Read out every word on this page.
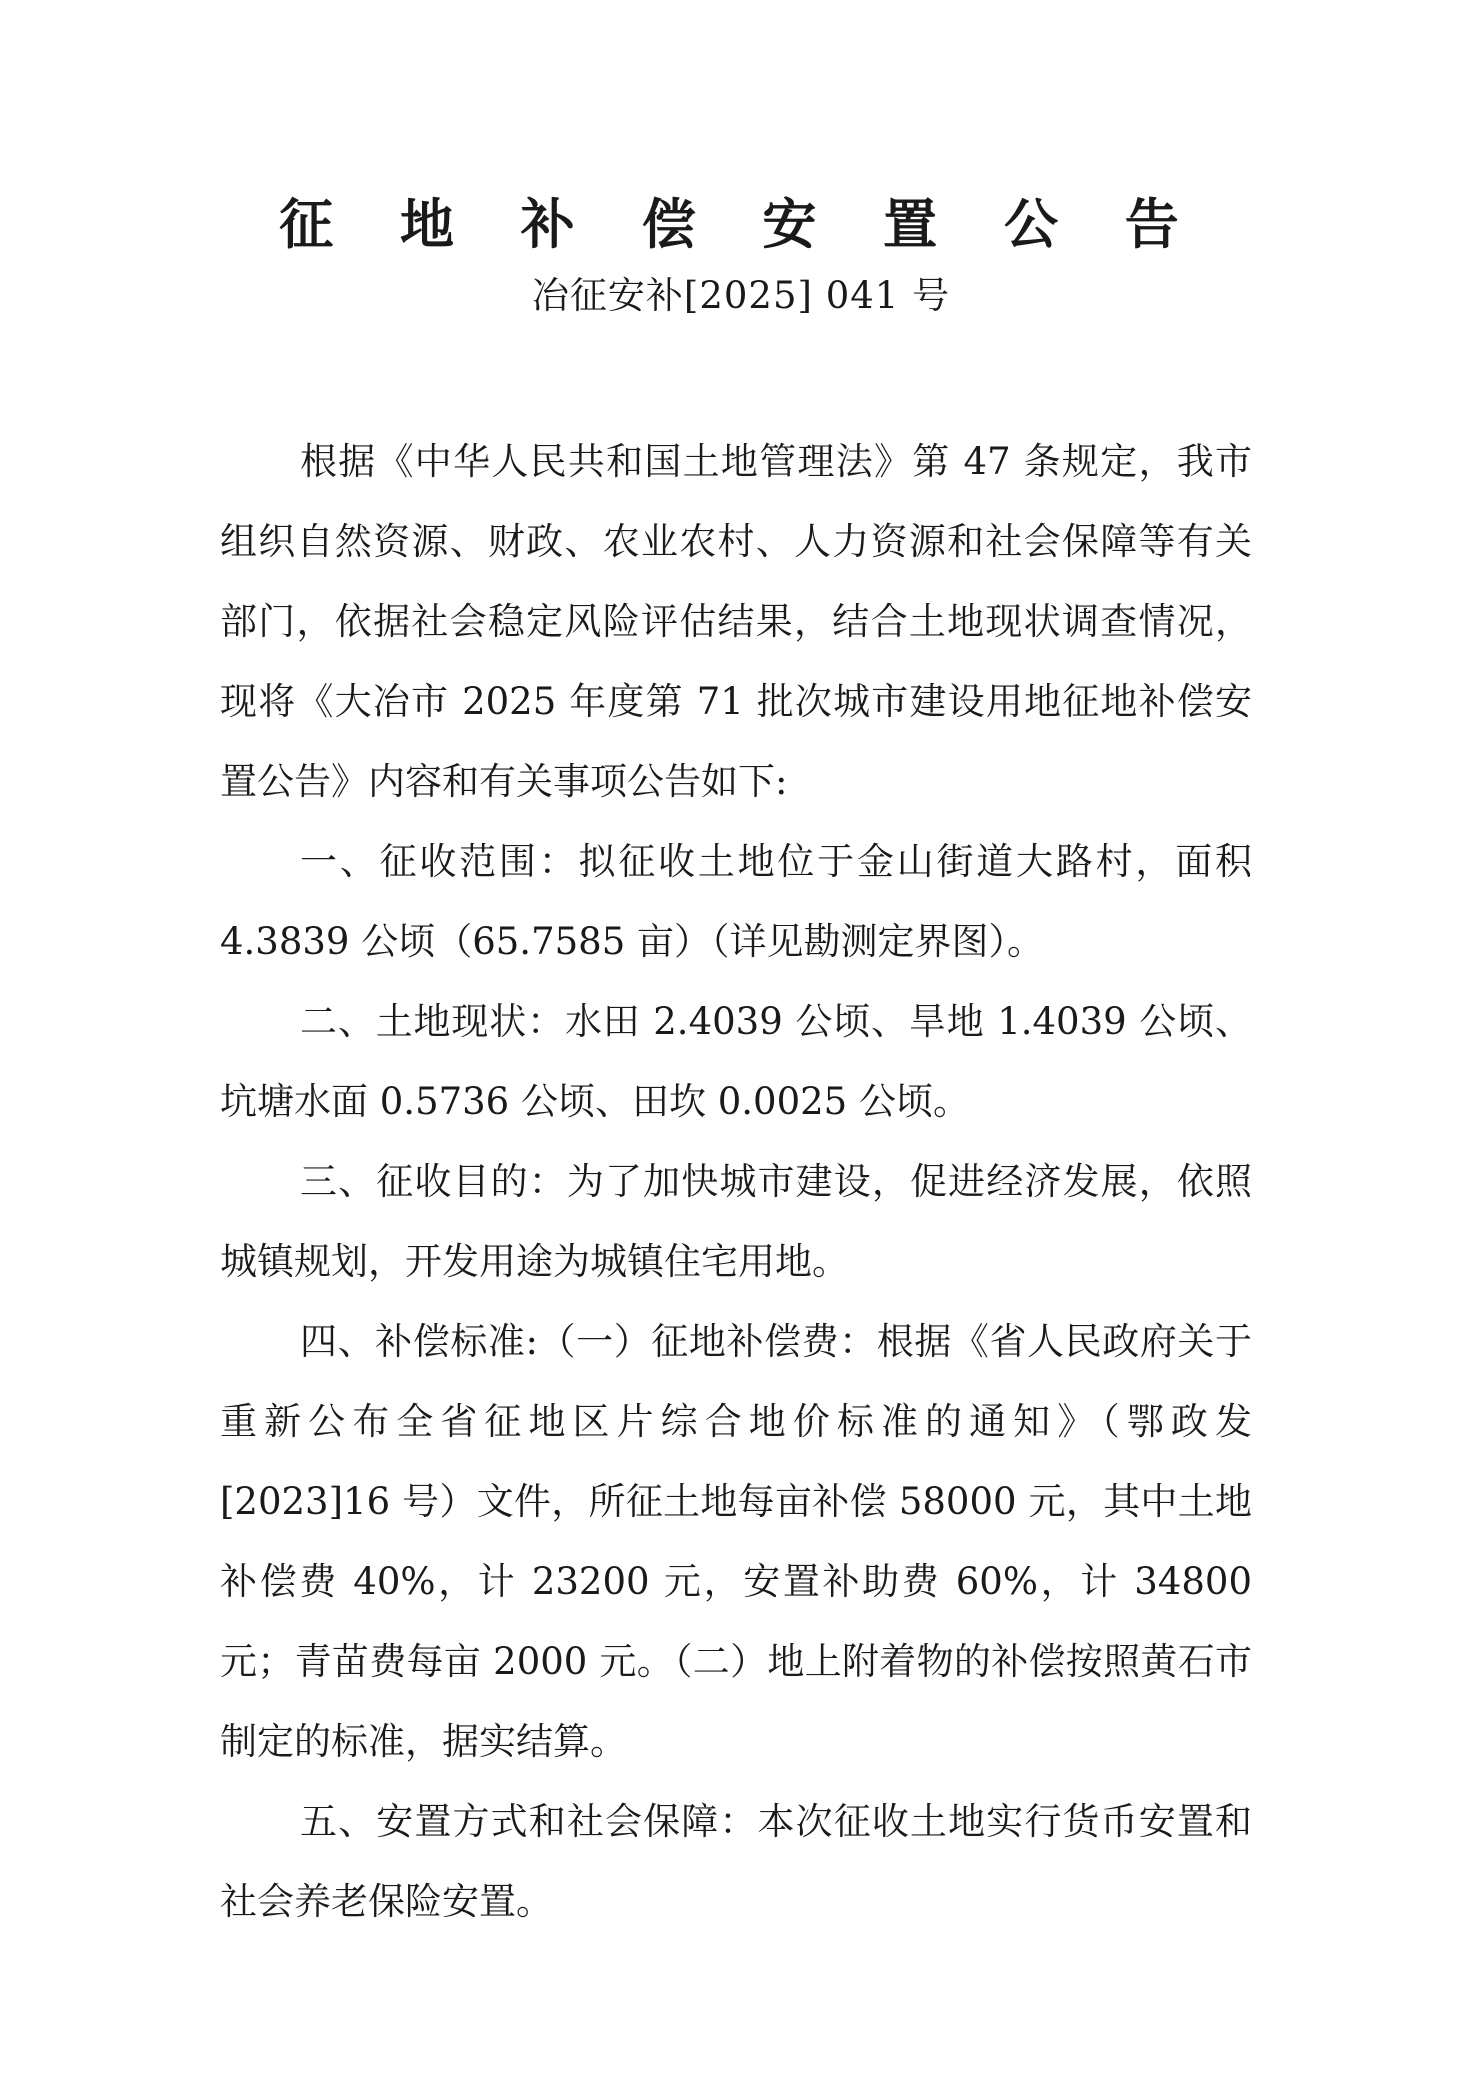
征 地 补 偿 安 置 公 告
冶征安补[2025] 041 号

根据《中华人民共和国土地管理法》第 47 条规定，我市组织自然资源、财政、农业农村、人力资源和社会保障等有关部门，依据社会稳定风险评估结果，结合土地现状调查情况，现将《大冶市 2025 年度第 71 批次城市建设用地征地补偿安置公告》内容和有关事项公告如下:

一、征收范围：拟征收土地位于金山街道大路村，面积 4.3839 公顷（65.7585 亩）（详见勘测定界图）。

二、土地现状：水田 2.4039 公顷、旱地 1.4039 公顷、坑塘水面 0.5736 公顷、田坎 0.0025 公顷。

三、征收目的：为了加快城市建设，促进经济发展，依照城镇规划，开发用途为城镇住宅用地。

四、补偿标准:（一）征地补偿费：根据《省人民政府关于重新公布全省征地区片综合地价标准的通知》（鄂政发[2023]16 号）文件，所征土地每亩补偿 58000 元，其中土地补偿费 40%，计 23200 元，安置补助费 60%，计 34800 元；青苗费每亩 2000 元。（二）地上附着物的补偿按照黄石市制定的标准，据实结算。

五、安置方式和社会保障：本次征收土地实行货币安置和社会养老保险安置。
